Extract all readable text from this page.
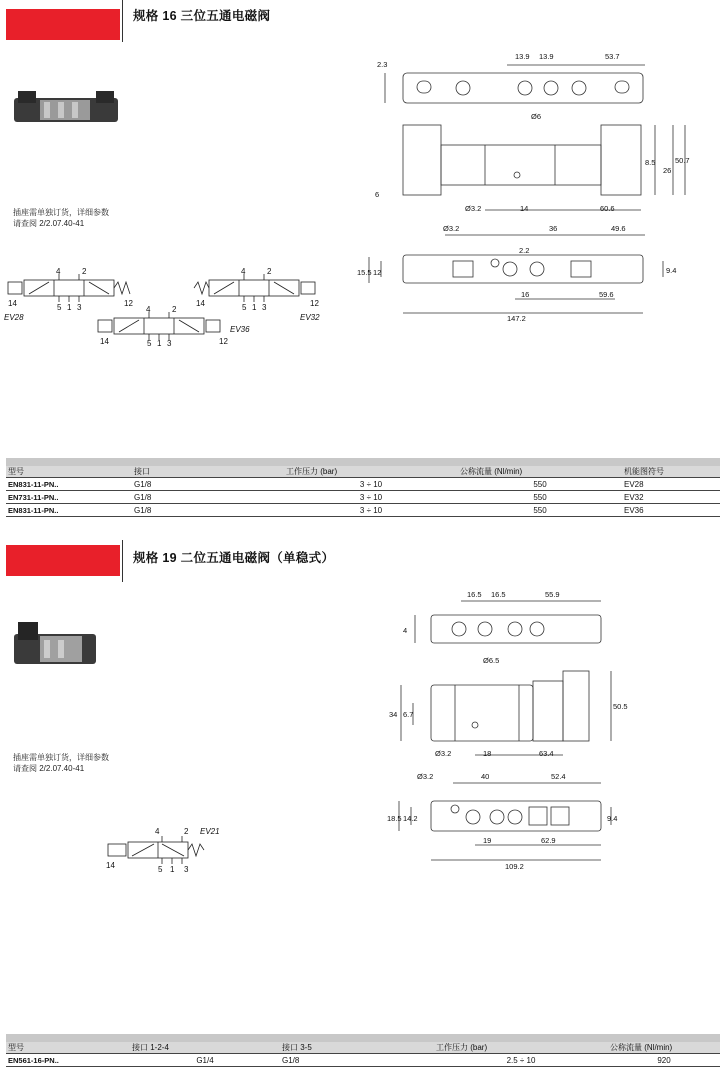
规格 16 三位五通电磁阀
插座需单独订货，详细参数
请查阅 2/2.07.40-41
4	2
14	5 1 3	12
EV28
4	2
14	5 1 3	12
EV32
4	2
14	5 1 3	12
EV36
2.3
13.9 13.9	53.7
Ø6
8.5
26
50.7
6
Ø3.2	14	60.6
Ø3.2	36	49.6
2.2
15.5 12	9.4
16	59.6
147.2
型号	接口	工作压力 (bar)	公称流量 (Nl/min)	机能图符号
EN831-11-PN..	G1/8	3 ÷ 10	550	EV28
EN731-11-PN..	G1/8	3 ÷ 10	550	EV32
EN831-11-PN..	G1/8	3 ÷ 10	550	EV36
规格 19 二位五通电磁阀（单稳式）
插座需单独订货，详细参数
请查阅 2/2.07.40-41
4	2
14	5 1 3
EV21
16.5 16.5	55.9
4
Ø6.5
34 6.7
50.5
Ø3.2	18	63.4
Ø3.2	40	52.4
18.5 14.2	9.4
19	62.9
109.2
型号	接口 1-2-4	接口 3-5	工作压力 (bar)	公称流量 (Nl/min)
EN561-16-PN..	G1/4	G1/8	2.5 ÷ 10	920
